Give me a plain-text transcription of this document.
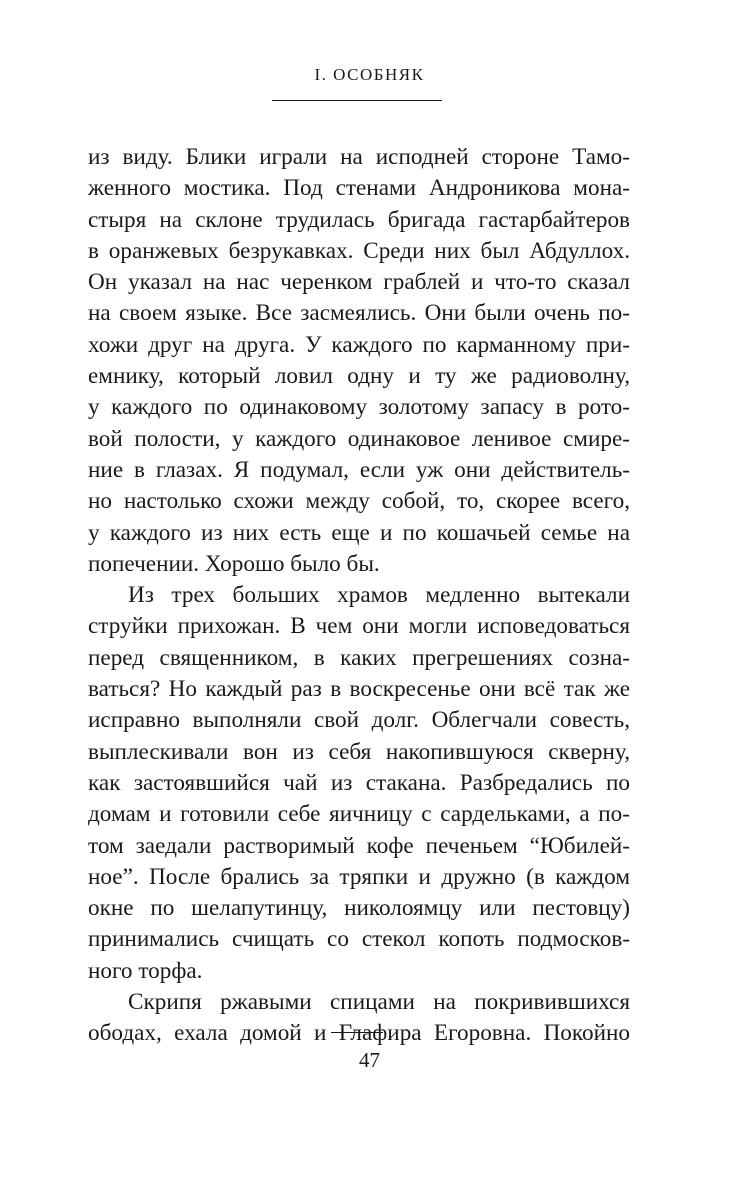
I. ОСОБНЯК
из виду. Блики играли на исподней стороне Тамо-
женного мостика. Под стенами Андроникова мона-
стыря на склоне трудилась бригада гастарбайтеров
в оранжевых безрукавках. Среди них был Абдуллох.
Он указал на нас черенком граблей и что-то сказал
на своем языке. Все засмеялись. Они были очень по-
хожи друг на друга. У каждого по карманному при-
емнику, который ловил одну и ту же радиоволну,
у каждого по одинаковому золотому запасу в рото-
вой полости, у каждого одинаковое ленивое смире-
ние в глазах. Я подумал, если уж они действитель-
но настолько схожи между собой, то, скорее всего,
у каждого из них есть еще и по кошачьей семье на
попечении. Хорошо было бы.
Из трех больших храмов медленно вытекали
струйки прихожан. В чем они могли исповедоваться
перед священником, в каких прегрешениях созна-
ваться? Но каждый раз в воскресенье они всё так же
исправно выполняли свой долг. Облегчали совесть,
выплескивали вон из себя накопившуюся скверну,
как застоявшийся чай из стакана. Разбредались по
домам и готовили себе яичницу с сардельками, а по-
том заедали растворимый кофе печеньем “Юбилей-
ное”. После брались за тряпки и дружно (в каждом
окне по шелапутинцу, николоямцу или пестовцу)
принимались счищать со стекол копоть подмосков-
ного торфа.
Скрипя ржавыми спицами на покривившихся
ободах, ехала домой и Глафира Егоровна. Покойно
47
